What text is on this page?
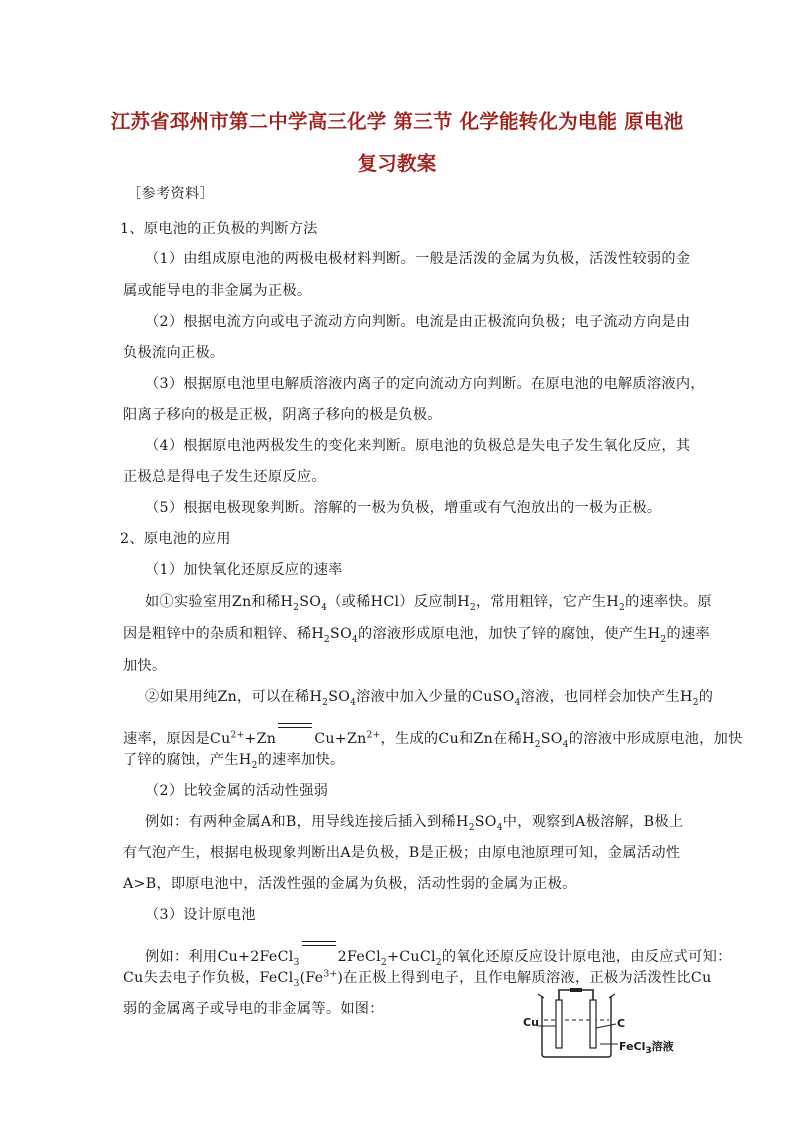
江苏省邳州市第二中学高三化学 第三节 化学能转化为电能 原电池
复习教案
［参考资料］
1、原电池的正负极的判断方法
（1）由组成原电池的两极电极材料判断。一般是活泼的金属为负极，活泼性较弱的金
属或能导电的非金属为正极。
（2）根据电流方向或电子流动方向判断。电流是由正极流向负极；电子流动方向是由
负极流向正极。
（3）根据原电池里电解质溶液内离子的定向流动方向判断。在原电池的电解质溶液内，
阳离子移向的极是正极，阴离子移向的极是负极。
（4）根据原电池两极发生的变化来判断。原电池的负极总是失电子发生氧化反应，其
正极总是得电子发生还原反应。
（5）根据电极现象判断。溶解的一极为负极，增重或有气泡放出的一极为正极。
2、原电池的应用
（1）加快氧化还原反应的速率
如①实验室用Zn和稀$H_2SO_4$（或稀HCl）反应制$H_2$，常用粗锌，它产生$H_2$的速率快。原
因是粗锌中的杂质和粗锌、稀$H_2SO_4$的溶液形成原电池，加快了锌的腐蚀，使产生$H_2$的速率
加快。
②如果用纯Zn，可以在稀$H_2SO_4$溶液中加入少量的CuSO$_4$溶液，也同样会加快产生$H_2$的
速率，原因是$Cu^{2+}+Zn$	$Cu+Zn^{2+}$，生成的Cu和Zn在稀$H_2SO_4$的溶液中形成原电池，加快
了锌的腐蚀，产生$H_2$的速率加快。
（2）比较金属的活动性强弱
例如：有两种金属A和B，用导线连接后插入到稀$H_2SO_4$中，观察到A极溶解，B极上
有气泡产生，根据电极现象判断出A是负极，B是正极；由原电池原理可知，金属活动性
A>B，即原电池中，活泼性强的金属为负极，活动性弱的金属为正极。
（3）设计原电池
例如：利用Cu+2FeCl$_3$	2FeCl$_2$+CuCl$_2$的氧化还原反应设计原电池，由反应式可知：
Cu失去电子作负极，$FeCl_3(Fe^{3+})$在正极上得到电子，且作电解质溶液，正极为活泼性比Cu
弱的金属离子或导电的非金属等。如图：
Cu	C
FeCl$_3$溶液
